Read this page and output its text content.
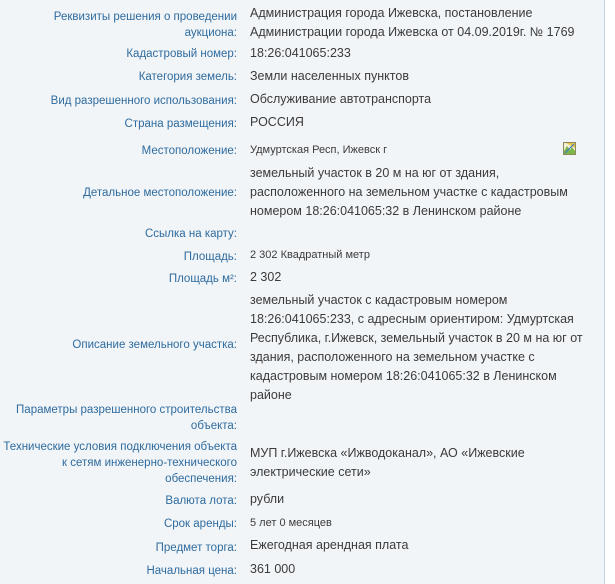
Реквизиты решения о проведении аукциона:
Администрация города Ижевска, постановление Администрации города Ижевска от 04.09.2019г. № 1769
Кадастровый номер: 18:26:041065:233
Категория земель: Земли населенных пунктов
Вид разрешенного использования: Обслуживание автотранспорта
Страна размещения: РОССИЯ
Местоположение: Удмуртская Респ, Ижевск г
Детальное местоположение:
земельный участок в 20 м на юг от здания, расположенного на земельном участке с кадастровым номером 18:26:041065:32 в Ленинском районе
Ссылка на карту:
Площадь: 2 302 Квадратный метр
Площадь м²: 2 302
Описание земельного участка:
земельный участок с кадастровым номером 18:26:041065:233, с адресным ориентиром: Удмуртская Республика, г.Ижевск, земельный участок в 20 м на юг от здания, расположенного на земельном участке с кадастровым номером 18:26:041065:32 в Ленинском районе
Параметры разрешенного строительства объекта:
Технические условия подключения объекта к сетям инженерно-технического обеспечения:
МУП г.Ижевска «Ижводоканал», АО «Ижевские электрические сети»
Валюта лота: рубли
Срок аренды: 5 лет 0 месяцев
Предмет торга: Ежегодная арендная плата
Начальная цена: 361 000
